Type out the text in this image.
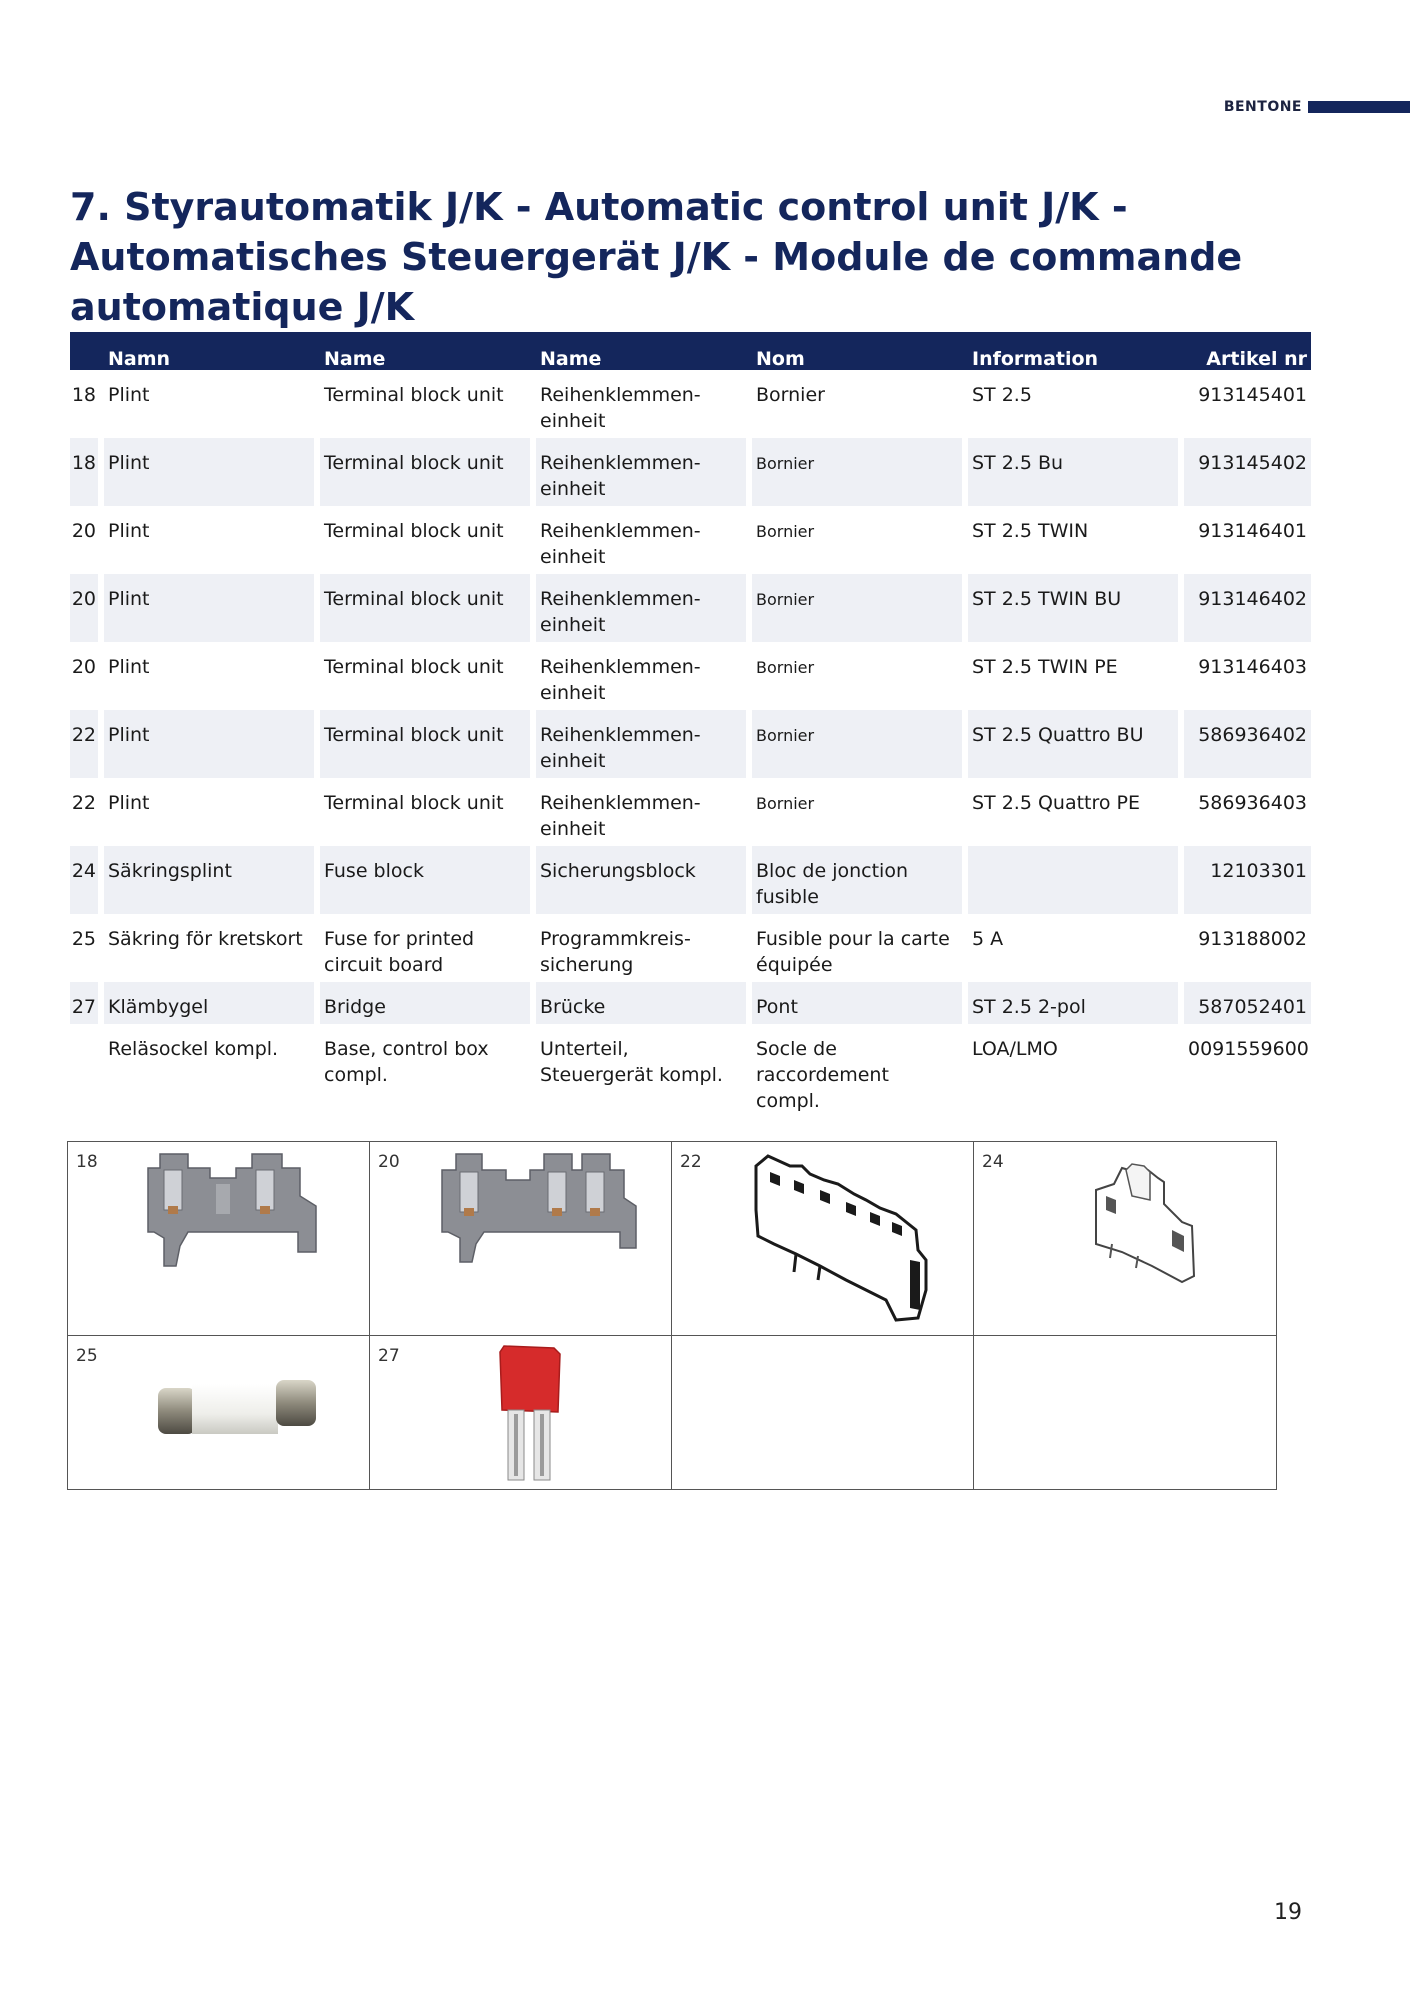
BENTONE
7. Styrautomatik J/K - Automatic control unit J/K - Automatisches Steuergerät J/K - Module de commande automatique J/K
	Namn	Name	Name	Nom	Information	Artikel nr
18	Plint	Terminal block unit	Reihenklemmen-einheit	Bornier	ST 2.5	913145401
18	Plint	Terminal block unit	Reihenklemmen-einheit	Bornier	ST 2.5 Bu	913145402
20	Plint	Terminal block unit	Reihenklemmen-einheit	Bornier	ST 2.5 TWIN	913146401
20	Plint	Terminal block unit	Reihenklemmen-einheit	Bornier	ST 2.5 TWIN BU	913146402
20	Plint	Terminal block unit	Reihenklemmen-einheit	Bornier	ST 2.5 TWIN PE	913146403
22	Plint	Terminal block unit	Reihenklemmen-einheit	Bornier	ST 2.5 Quattro BU	586936402
22	Plint	Terminal block unit	Reihenklemmen-einheit	Bornier	ST 2.5 Quattro PE	586936403
24	Säkringsplint	Fuse block	Sicherungsblock	Bloc de jonction fusible		12103301
25	Säkring för kretskort	Fuse for printed circuit board	Programmkreis-sicherung	Fusible pour la carte équipée	5 A	913188002
27	Klämbygel	Bridge	Brücke	Pont	ST 2.5 2-pol	587052401
	Reläsockel kompl.	Base, control box compl.	Unterteil, Steuergerät kompl.	Socle de raccordement compl.	LOA/LMO	0091559600
18	20	22	24
25	27
19
